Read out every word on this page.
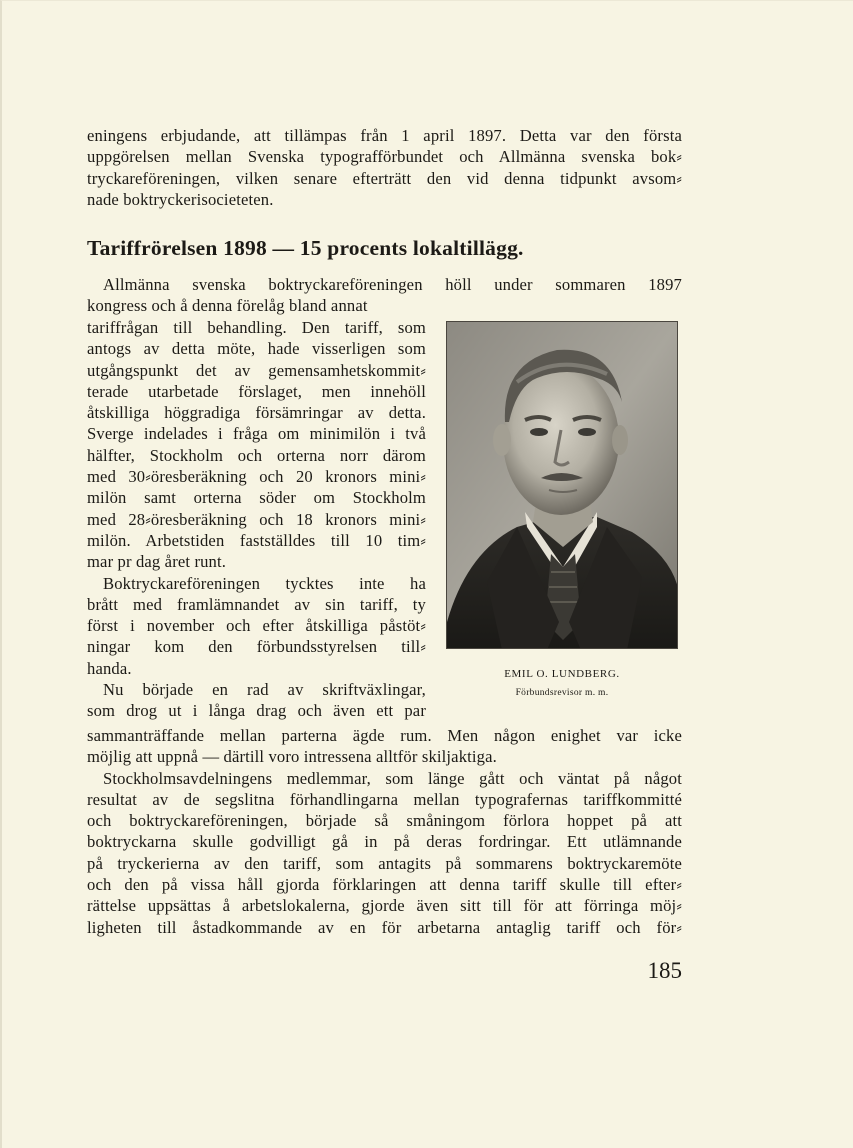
eningens erbjudande, att tillämpas från 1 april 1897. Detta var den första
uppgörelsen mellan Svenska typografförbundet och Allmänna svenska bok⸗
tryckareföreningen, vilken senare efterträtt den vid denna tidpunkt avsom⸗
nade boktryckerisocieteten.
Tariffrörelsen 1898 — 15 procents lokaltillägg.
Allmänna svenska boktryckareföreningen höll under sommaren 1897
kongress och å denna förelåg bland annat
tariffrågan till behandling. Den tariff, som
antogs av detta möte, hade visserligen som
utgångspunkt det av gemensamhetskommit⸗
terade utarbetade förslaget, men innehöll
åtskilliga höggradiga försämringar av detta.
Sverge indelades i fråga om minimilön i två
hälfter, Stockholm och orterna norr därom
med 30⸗öresberäkning och 20 kronors mini⸗
milön samt orterna söder om Stockholm
med 28⸗öresberäkning och 18 kronors mini⸗
milön. Arbetstiden fastställdes till 10 tim⸗
mar pr dag året runt.
Boktryckareföreningen tycktes inte ha
brått med framlämnandet av sin tariff, ty
först i november och efter åtskilliga påstöt⸗
ningar kom den förbundsstyrelsen till⸗
handa.
Nu började en rad av skriftväxlingar,
som drog ut i långa drag och även ett par

EMIL O. LUNDBERG.

Förbundsrevisor m. m.

sammanträffande mellan parterna ägde rum. Men någon enighet var icke
möjlig att uppnå — därtill voro intressena alltför skiljaktiga.
Stockholmsavdelningens medlemmar, som länge gått och väntat på något
resultat av de segslitna förhandlingarna mellan typografernas tariffkommitté
och boktryckareföreningen, började så småningom förlora hoppet på att
boktryckarna skulle godvilligt gå in på deras fordringar. Ett utlämnande
på tryckerierna av den tariff, som antagits på sommarens boktryckaremöte
och den på vissa håll gjorda förklaringen att denna tariff skulle till efter⸗
rättelse uppsättas å arbetslokalerna, gjorde även sitt till för att förringa möj⸗
ligheten till åstadkommande av en för arbetarna antaglig tariff och för⸗

185
